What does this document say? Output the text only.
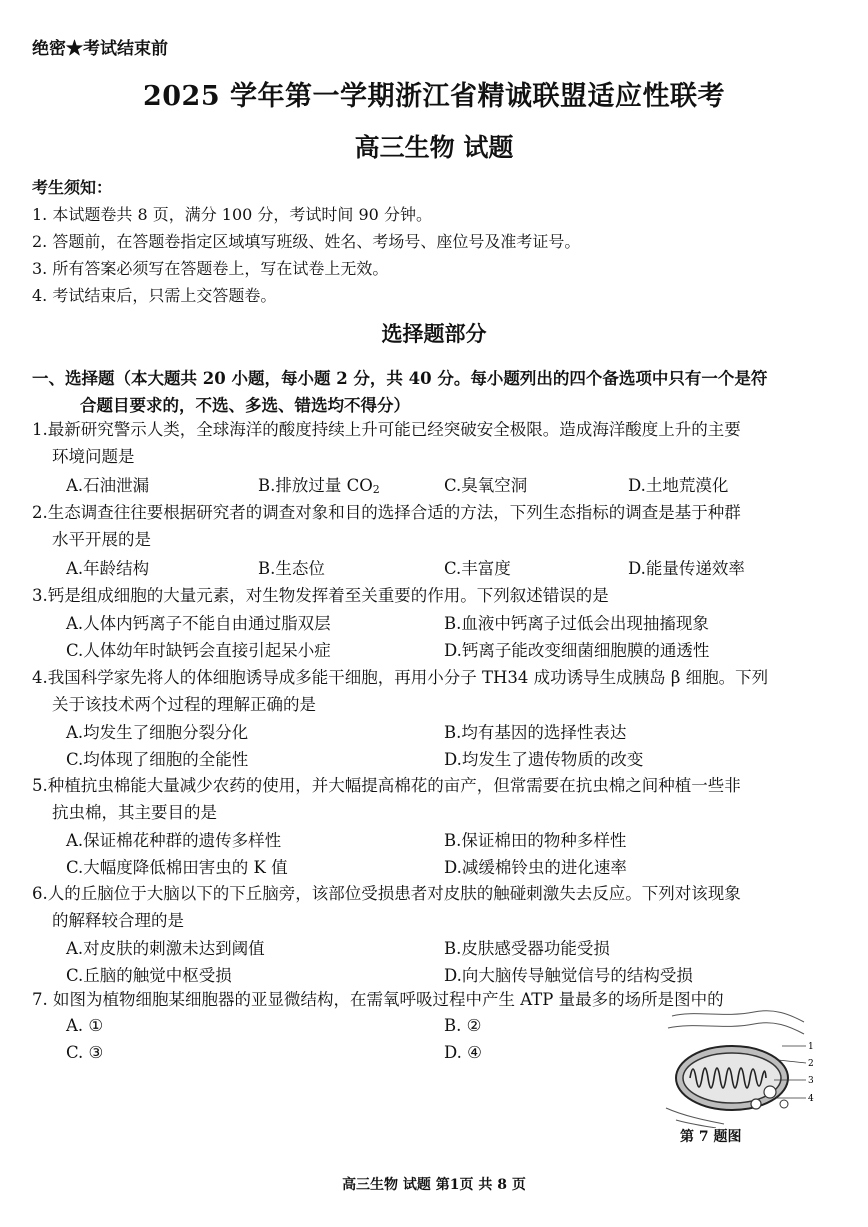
绝密★考试结束前
2025 学年第一学期浙江省精诚联盟适应性联考
高三生物 试题
考生须知：
1. 本试题卷共 8 页，满分 100 分，考试时间 90 分钟。
2. 答题前，在答题卷指定区域填写班级、姓名、考场号、座位号及准考证号。
3. 所有答案必须写在答题卷上，写在试卷上无效。
4. 考试结束后，只需上交答题卷。
选择题部分
一、选择题（本大题共 20 小题，每小题 2 分，共 40 分。每小题列出的四个备选项中只有一个是符
合题目要求的，不选、多选、错选均不得分）
1.最新研究警示人类，全球海洋的酸度持续上升可能已经突破安全极限。造成海洋酸度上升的主要
环境问题是
A.石油泄漏	B.排放过量 $CO_2$	C.臭氧空洞	D.土地荒漠化
2.生态调查往往要根据研究者的调查对象和目的选择合适的方法，下列生态指标的调查是基于种群
水平开展的是
A.年龄结构	B.生态位	C.丰富度	D.能量传递效率
3.钙是组成细胞的大量元素，对生物发挥着至关重要的作用。下列叙述错误的是
A.人体内钙离子不能自由通过脂双层	B.血液中钙离子过低会出现抽搐现象
C.人体幼年时缺钙会直接引起呆小症	D.钙离子能改变细菌细胞膜的通透性
4.我国科学家先将人的体细胞诱导成多能干细胞，再用小分子 TH34 成功诱导生成胰岛 β 细胞。下列
关于该技术两个过程的理解正确的是
A.均发生了细胞分裂分化	B.均有基因的选择性表达
C.均体现了细胞的全能性	D.均发生了遗传物质的改变
5.种植抗虫棉能大量减少农药的使用，并大幅提高棉花的亩产，但常需要在抗虫棉之间种植一些非
抗虫棉，其主要目的是
A.保证棉花种群的遗传多样性	B.保证棉田的物种多样性
C.大幅度降低棉田害虫的 K 值	D.减缓棉铃虫的进化速率
6.人的丘脑位于大脑以下的下丘脑旁，该部位受损患者对皮肤的触碰刺激失去反应。下列对该现象
的解释较合理的是
A.对皮肤的刺激未达到阈值	B.皮肤感受器功能受损
C.丘脑的触觉中枢受损	D.向大脑传导触觉信号的结构受损
7. 如图为植物细胞某细胞器的亚显微结构，在需氧呼吸过程中产生 ATP 量最多的场所是图中的
A. ①	B. ②
C. ③	D. ④	1
2
3
4
第 7 题图
高三生物 试题 第1页 共 8 页
